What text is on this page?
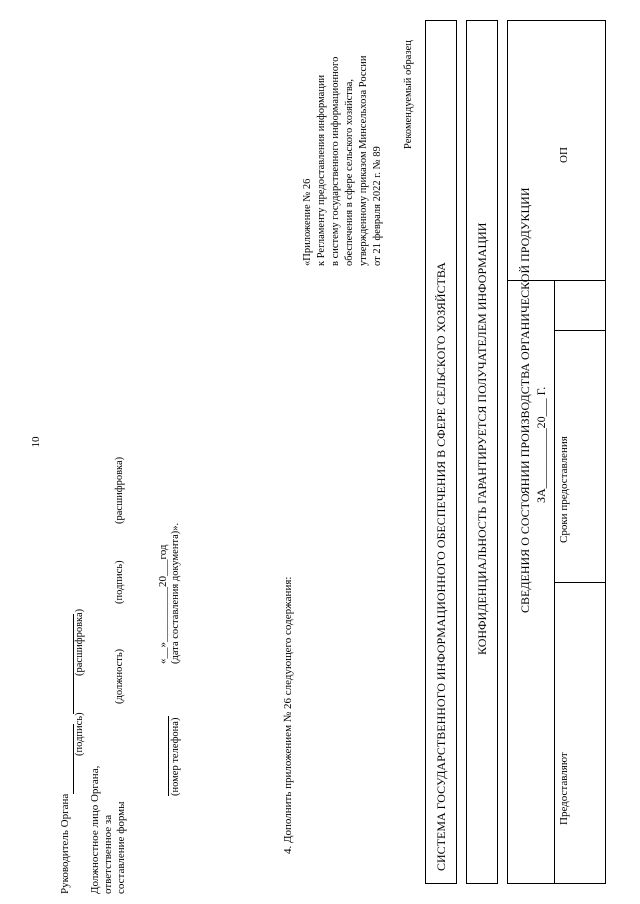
10
Рекомендуемый образец
«Приложение № 26 к Регламенту предоставления информации в систему государственного информационного обеспечения в сфере сельского хозяйства, утвержденному приказом Минсельхоза России от 21 февраля 2022 г. № 89
Руководитель Органа
(подпись)
(расшифровка)
Должностное лицо Органа, ответственное за составление формы
(должность)
(подпись)
(расшифровка)
«__»__________20___год
(номер телефона)
(дата составления документа)».	4. Дополнить приложением № 26 следующего содержания:	СИСТЕМА ГОСУДАРСТВЕННОГО ИНФОРМАЦИОННОГО ОБЕСПЕЧЕНИЯ В СФЕРЕ СЕЛЬСКОГО ХОЗЯЙСТВА КОНФИДЕНЦИАЛЬНОСТЬ ГАРАНТИРУЕТСЯ ПОЛУЧАТЕЛЕМ ИНФОРМАЦИИ СВЕДЕНИЯ О СОСТОЯНИИ ПРОИЗВОДСТВА ОРГАНИЧЕСКОЙ ПРОДУКЦИИ ЗА__________20___ Г.
Предоставляют
Сроки предоставления
ОП
